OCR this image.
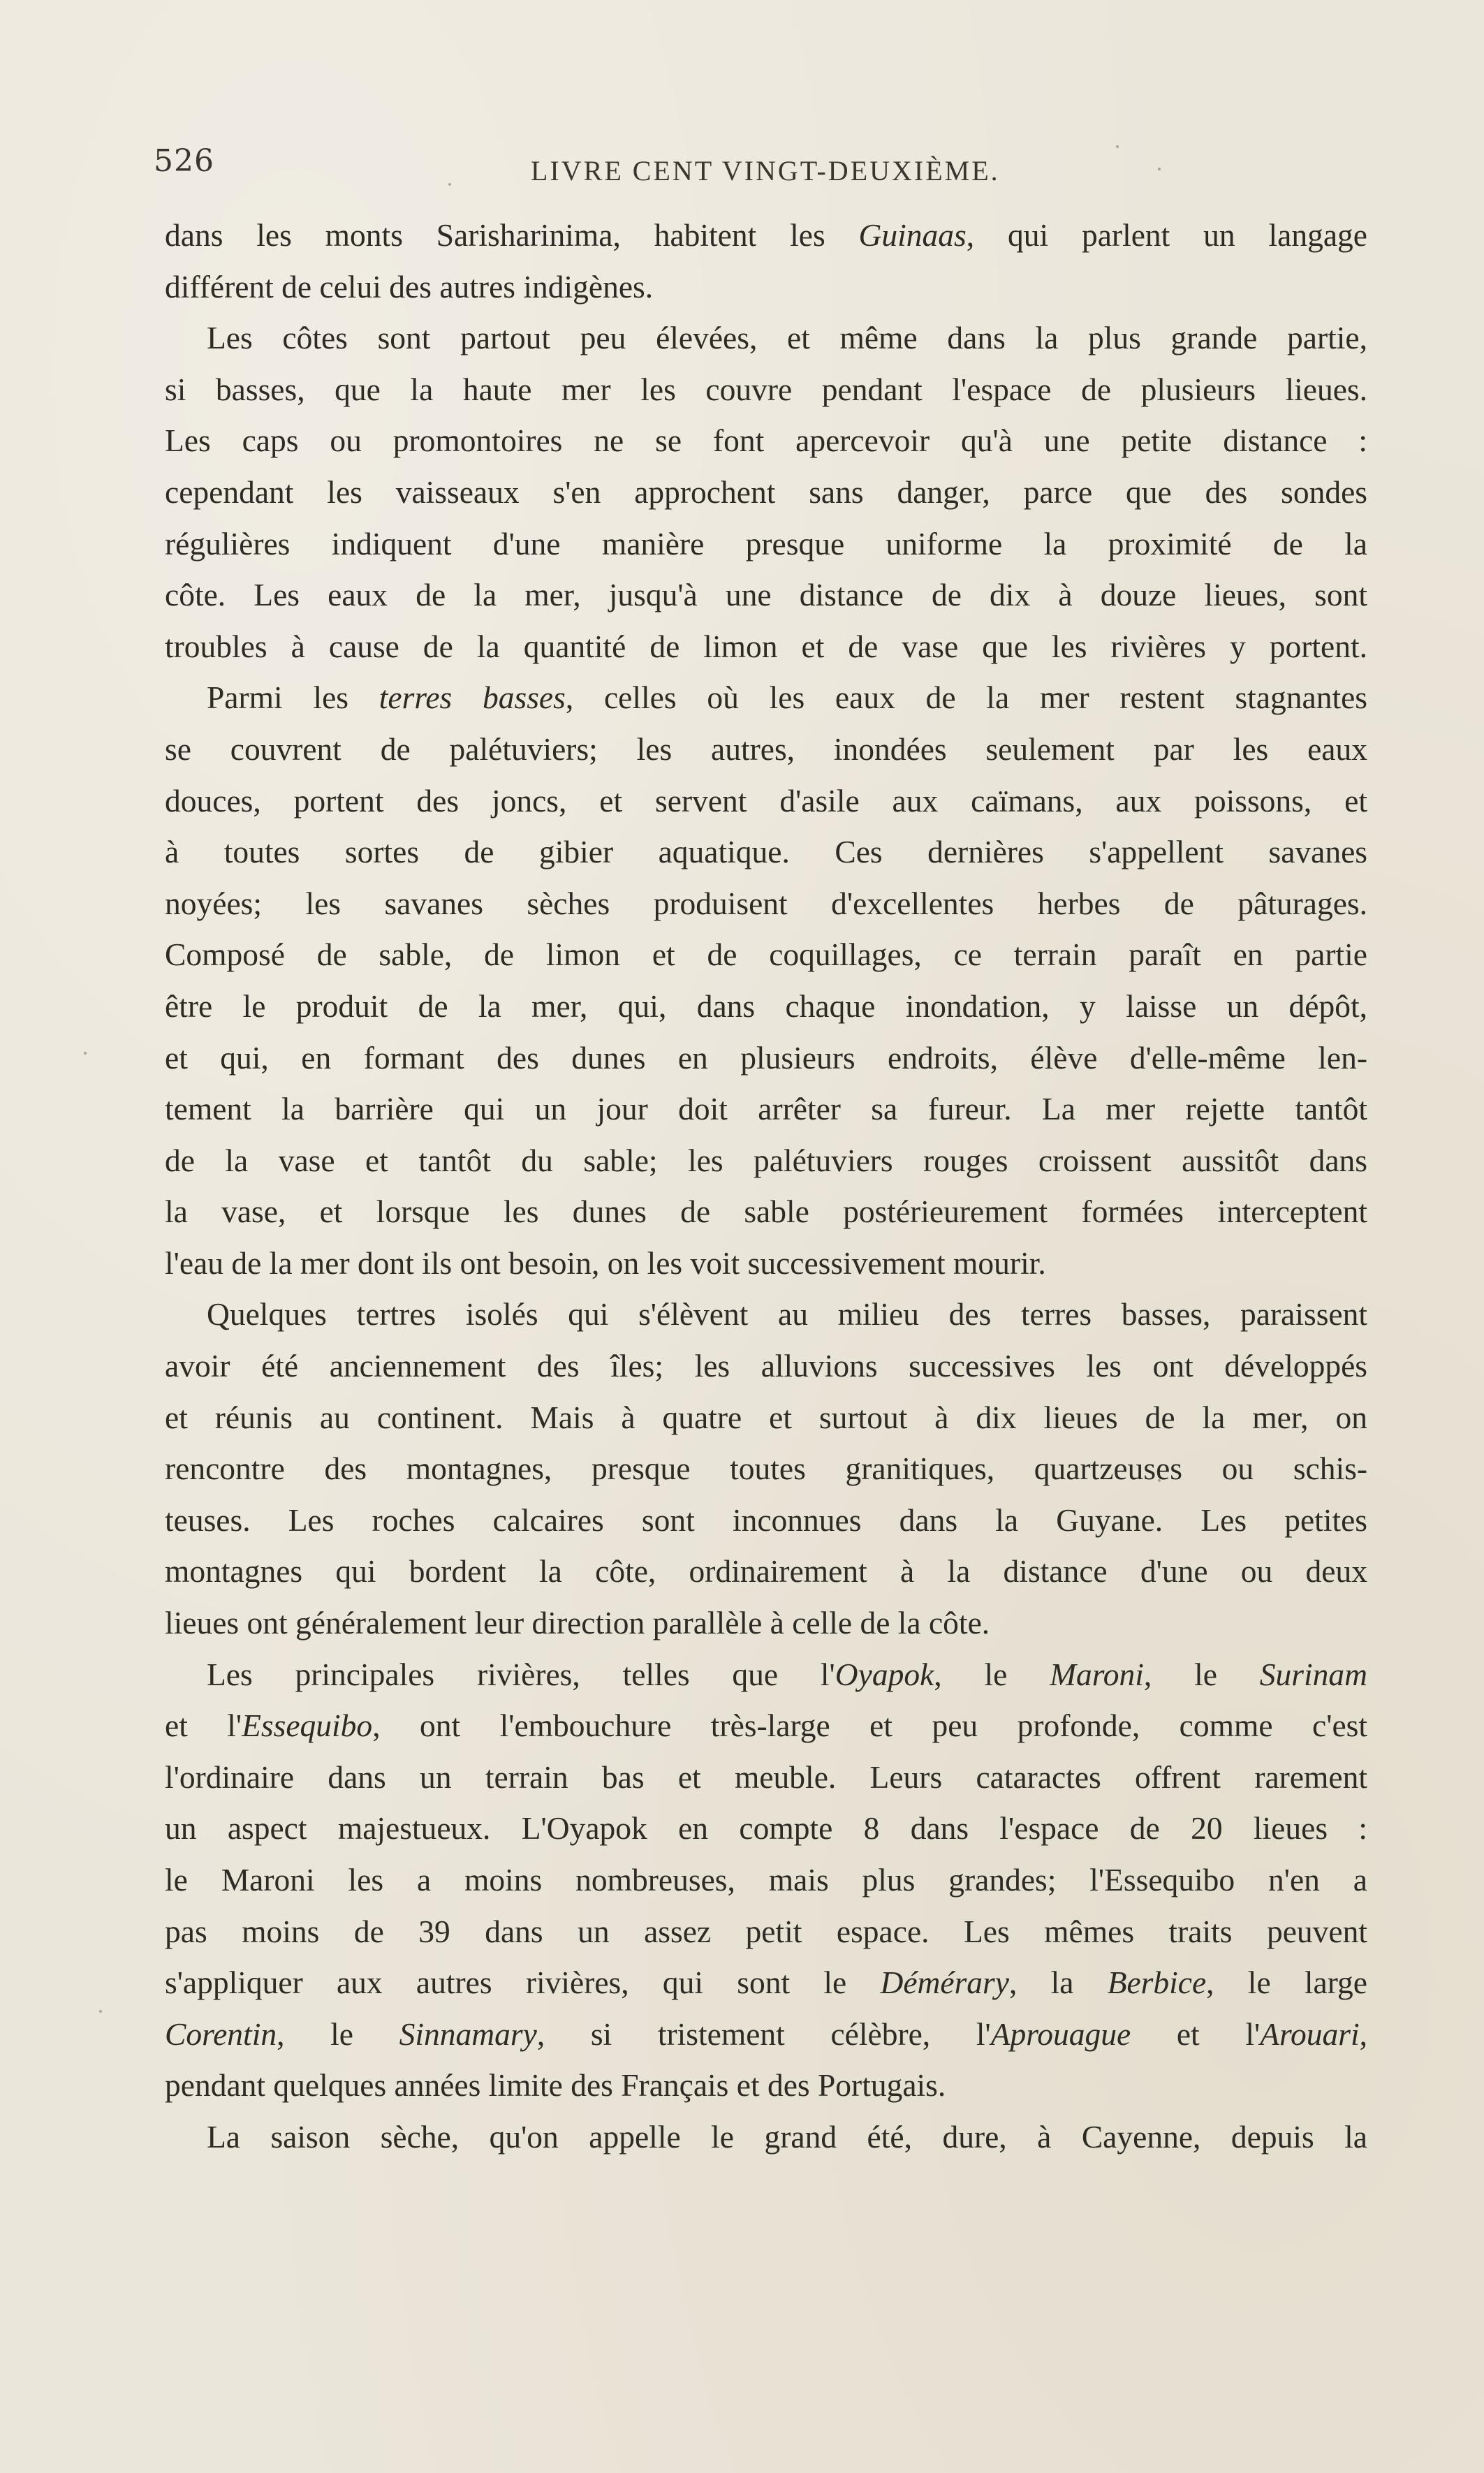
526	LIVRE CENT VINGT-DEUXIÈME.
dans les monts Sarisharinima, habitent les Guinaas, qui parlent un langage
différent de celui des autres indigènes.
Les côtes sont partout peu élevées, et même dans la plus grande partie,
si basses, que la haute mer les couvre pendant l'espace de plusieurs lieues.
Les caps ou promontoires ne se font apercevoir qu'à une petite distance :
cependant les vaisseaux s'en approchent sans danger, parce que des sondes
régulières indiquent d'une manière presque uniforme la proximité de la
côte. Les eaux de la mer, jusqu'à une distance de dix à douze lieues, sont
troubles à cause de la quantité de limon et de vase que les rivières y portent.
Parmi les terres basses, celles où les eaux de la mer restent stagnantes
se couvrent de palétuviers; les autres, inondées seulement par les eaux
douces, portent des joncs, et servent d'asile aux caïmans, aux poissons, et
à toutes sortes de gibier aquatique. Ces dernières s'appellent savanes
noyées; les savanes sèches produisent d'excellentes herbes de pâturages.
Composé de sable, de limon et de coquillages, ce terrain paraît en partie
être le produit de la mer, qui, dans chaque inondation, y laisse un dépôt,
et qui, en formant des dunes en plusieurs endroits, élève d'elle-même len-
tement la barrière qui un jour doit arrêter sa fureur. La mer rejette tantôt
de la vase et tantôt du sable; les palétuviers rouges croissent aussitôt dans
la vase, et lorsque les dunes de sable postérieurement formées interceptent
l'eau de la mer dont ils ont besoin, on les voit successivement mourir.
Quelques tertres isolés qui s'élèvent au milieu des terres basses, paraissent
avoir été anciennement des îles; les alluvions successives les ont développés
et réunis au continent. Mais à quatre et surtout à dix lieues de la mer, on
rencontre des montagnes, presque toutes granitiques, quartzeuses ou schis-
teuses. Les roches calcaires sont inconnues dans la Guyane. Les petites
montagnes qui bordent la côte, ordinairement à la distance d'une ou deux
lieues ont généralement leur direction parallèle à celle de la côte.
Les principales rivières, telles que l'Oyapok, le Maroni, le Surinam
et l'Essequibo, ont l'embouchure très-large et peu profonde, comme c'est
l'ordinaire dans un terrain bas et meuble. Leurs cataractes offrent rarement
un aspect majestueux. L'Oyapok en compte 8 dans l'espace de 20 lieues :
le Maroni les a moins nombreuses, mais plus grandes; l'Essequibo n'en a
pas moins de 39 dans un assez petit espace. Les mêmes traits peuvent
s'appliquer aux autres rivières, qui sont le Démérary, la Berbice, le large
Corentin, le Sinnamary, si tristement célèbre, l'Aprouague et l'Arouari,
pendant quelques années limite des Français et des Portugais.
La saison sèche, qu'on appelle le grand été, dure, à Cayenne, depuis la
